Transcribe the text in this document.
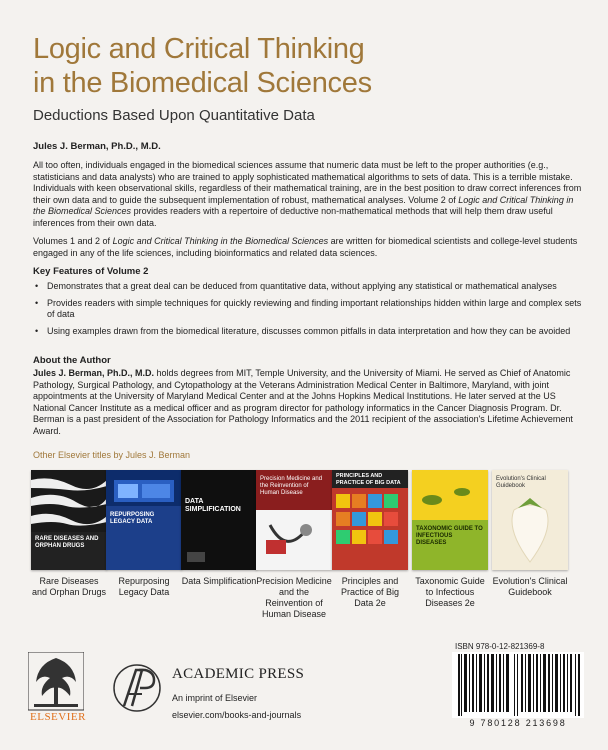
Logic and Critical Thinking
in the Biomedical Sciences
Deductions Based Upon Quantitative Data
Jules J. Berman, Ph.D., M.D.
All too often, individuals engaged in the biomedical sciences assume that numeric data must be left to the proper authorities (e.g., statisticians and data analysts) who are trained to apply sophisticated mathematical algorithms to sets of data. This is a terrible mistake. Individuals with keen observational skills, regardless of their mathematical training, are in the best position to draw correct inferences from their own data and to guide the subsequent implementation of robust, mathematical analyses. Volume 2 of Logic and Critical Thinking in the Biomedical Sciences provides readers with a repertoire of deductive non-mathematical methods that will help them draw useful inferences from their own data.
Volumes 1 and 2 of Logic and Critical Thinking in the Biomedical Sciences are written for biomedical scientists and college-level students engaged in any of the life sciences, including bioinformatics and related data sciences.
Key Features of Volume 2
• Demonstrates that a great deal can be deduced from quantitative data, without applying any statistical or mathematical analyses
• Provides readers with simple techniques for quickly reviewing and finding important relationships hidden within large and complex sets of data
• Using examples drawn from the biomedical literature, discusses common pitfalls in data interpretation and how they can be avoided
About the Author
Jules J. Berman, Ph.D., M.D. holds degrees from MIT, Temple University, and the University of Miami. He served as Chief of Anatomic Pathology, Surgical Pathology, and Cytopathology at the Veterans Administration Medical Center in Baltimore, Maryland, with joint appointments at the University of Maryland Medical Center and at the Johns Hopkins Medical Institutions. He later served at the US National Cancer Institute as a medical officer and as program director for pathology informatics in the Cancer Diagnosis Program. Dr. Berman is a past president of the Association for Pathology Informatics and the 2011 recipient of the association's Lifetime Achievement Award.
Other Elsevier titles by Jules J. Berman
RARE DISEASES AND ORPHAN DRUGS
REPURPOSING LEGACY DATA
DATA SIMPLIFICATION
Precision Medicine and the Reinvention of Human Disease
PRINCIPLES AND PRACTICE OF BIG DATA
TAXONOMIC GUIDE TO INFECTIOUS DISEASES
Evolution's Clinical Guidebook
Rare Diseases and Orphan Drugs
Repurposing Legacy Data
Data Simplification Precision Medicine and the Reinvention of Human Disease
Principles and Practice of Big Data 2e
Taxonomic Guide to Infectious Diseases 2e
Evolution's Clinical Guidebook
ELSEVIER
ACADEMIC PRESS
An imprint of Elsevier
elsevier.com/books-and-journals
ISBN 978-0-12-821369-8
9 780128 213698
